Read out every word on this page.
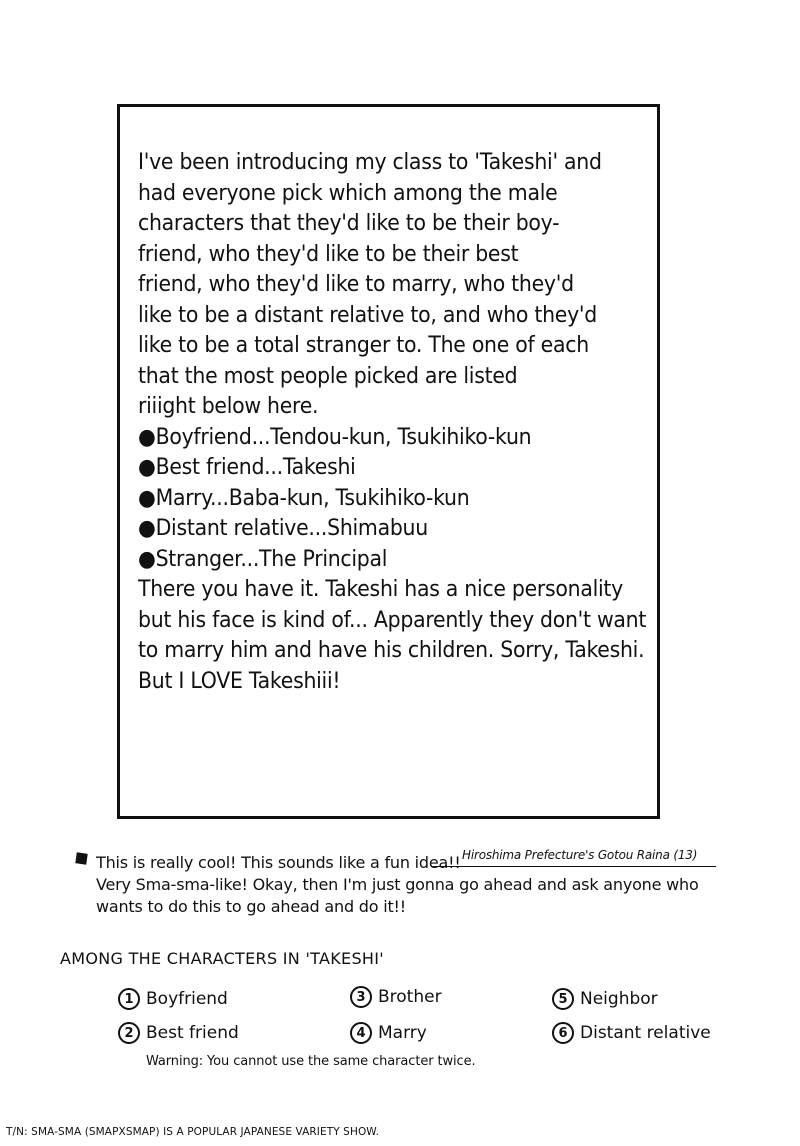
I've been introducing my class to 'Takeshi' and
had everyone pick which among the male
characters that they'd like to be their boy-
friend, who they'd like to be their best
friend, who they'd like to marry, who they'd
like to be a distant relative to, and who they'd
like to be a total stranger to. The one of each
that the most people picked are listed
riiight below here.
●Boyfriend...Tendou-kun, Tsukihiko-kun
●Best friend...Takeshi
●Marry...Baba-kun, Tsukihiko-kun
●Distant relative...Shimabuu
●Stranger...The Principal
There you have it. Takeshi has a nice personality
but his face is kind of... Apparently they don't want
to marry him and have his children. Sorry, Takeshi.
But I LOVE Takeshiii!
Hiroshima Prefecture's Gotou Raina (13)
This is really cool! This sounds like a fun idea!!
Very Sma-sma-like! Okay, then I'm just gonna go ahead and ask anyone who
wants to do this to go ahead and do it!!
AMONG THE CHARACTERS IN 'TAKESHI'
1 Boyfriend
2 Best friend
3 Brother
4 Marry
5 Neighbor
6 Distant relative
Warning: You cannot use the same character twice.
T/N: SMA-SMA (SMAPXSMAP) IS A POPULAR JAPANESE VARIETY SHOW.
